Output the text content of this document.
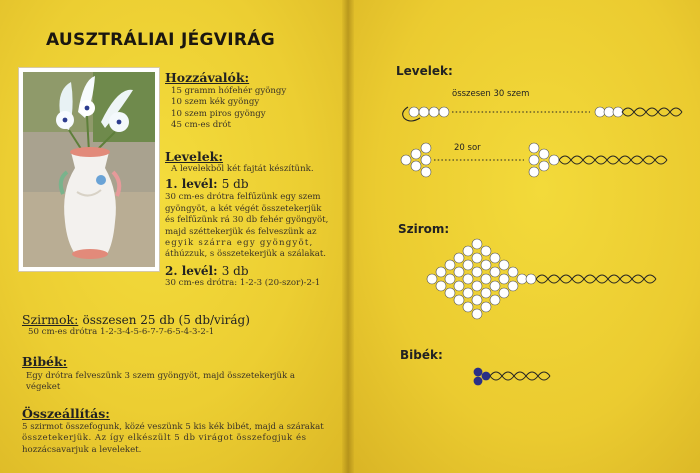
AUSZTRÁLIAI JÉGVIRÁG
Hozzávalók:
15 gramm hófehér gyöngy
10 szem kék gyöngy
10 szem piros gyöngy
45 cm-es drót
Levelek:
A levelekből két fajtát készítünk.
1. levél: 5 db
30 cm-es drótra felfűzünk egy szem
gyöngyöt, a két végét összetekerjük
és felfűzünk rá 30 db fehér gyöngyöt,
majd széttekerjük és felveszünk az
egyik szárra egy gyöngyöt,
áthúzzuk, s összetekerjük a szálakat.
2. levél: 3 db
30 cm-es drótra: 1-2-3 (20-szor)-2-1
Szirmok: összesen 25 db (5 db/virág)
50 cm-es drótra 1-2-3-4-5-6-7-7-6-5-4-3-2-1
Bibék:
Egy drótra felveszünk 3 szem gyöngyöt, majd összetekerjük a
végeket
Összeállítás:
5 szirmot összefogunk, közé veszünk 5 kis kék bibét, majd a szárakat
összetekerjük. Az így elkészült 5 db virágot összefogjuk és
hozzácsavarjuk a leveleket.
Levelek:
Szirom:
Bibék:
összesen 30 szem
20 sor
